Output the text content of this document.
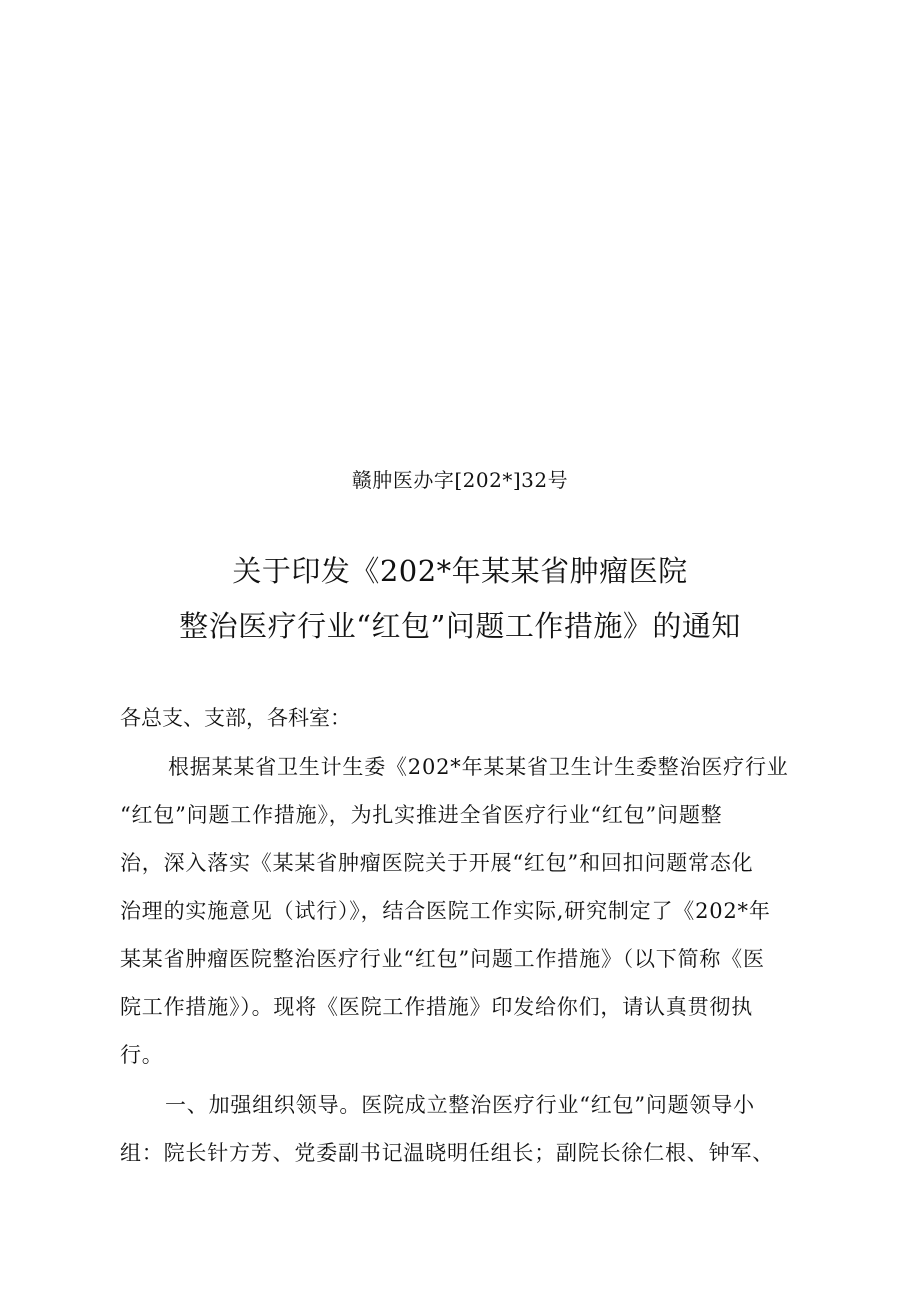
赣肿医办字[202*]32号
关于印发《202*年某某省肿瘤医院
整治医疗行业“红包”问题工作措施》的通知
各总支、支部，各科室：
根据某某省卫生计生委《202*年某某省卫生计生委整治医疗行业
“红包”问题工作措施》，为扎实推进全省医疗行业“红包”问题整
治，深入落实《某某省肿瘤医院关于开展“红包”和回扣问题常态化
治理的实施意见（试行）》，结合医院工作实际,研究制定了《202*年
某某省肿瘤医院整治医疗行业“红包”问题工作措施》（以下简称《医
院工作措施》）。现将《医院工作措施》印发给你们，请认真贯彻执
行。
一、加强组织领导。医院成立整治医疗行业“红包”问题领导小
组：院长针方芳、党委副书记温晓明任组长；副院长徐仁根、钟军、
